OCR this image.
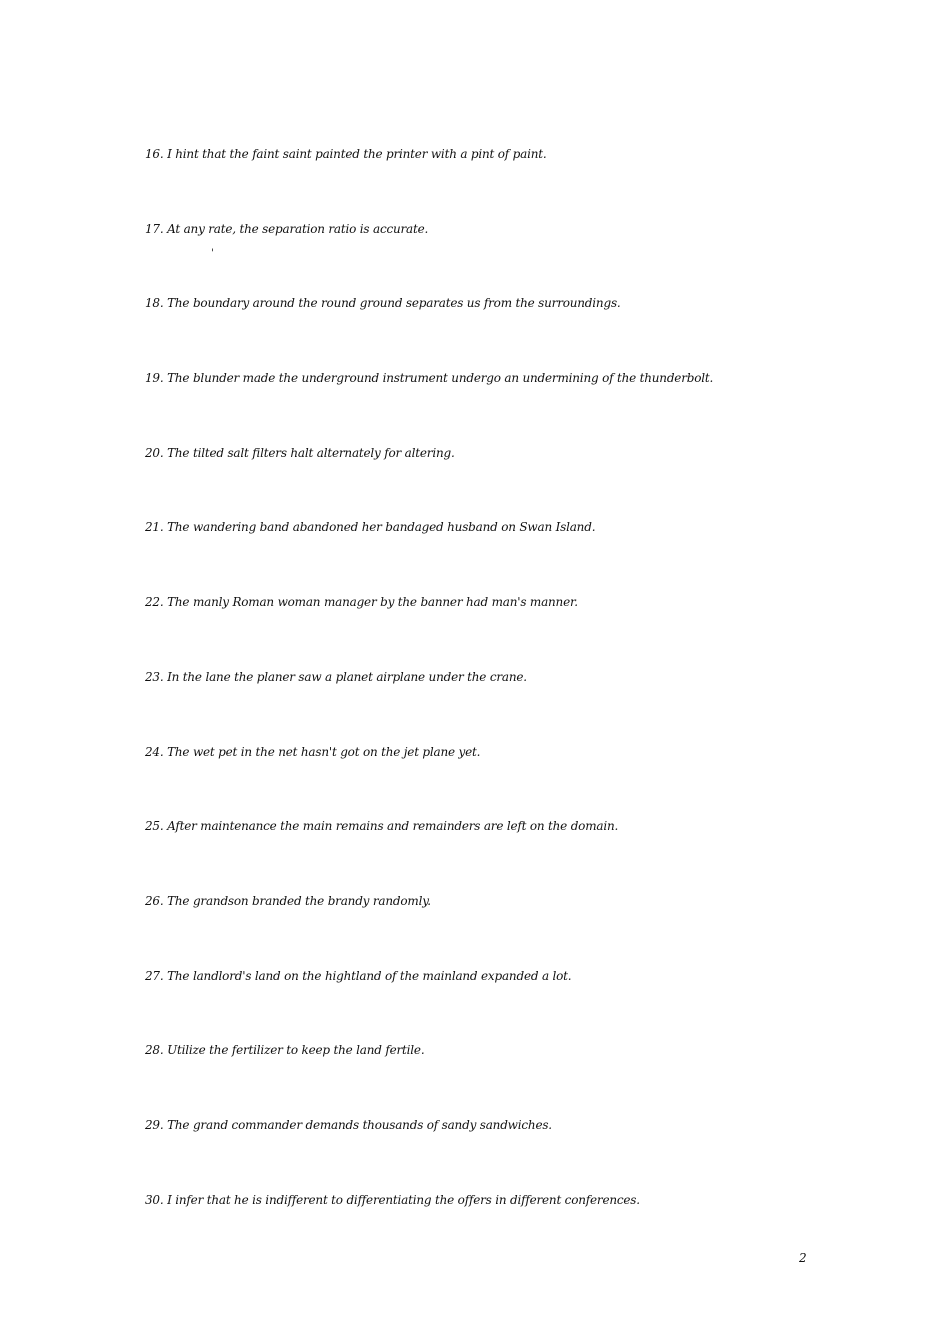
16. I hint that the faint saint painted the printer with a pint of paint.
17. At any rate, the separation ratio is accurate.
18. The boundary around the round ground separates us from the surroundings.
19. The blunder made the underground instrument undergo an undermining of the thunderbolt.
20. The tilted salt filters halt alternately for altering.
21. The wandering band abandoned her bandaged husband on Swan Island.
22. The manly Roman woman manager by the banner had man's manner.
23. In the lane the planer saw a planet airplane under the crane.
24. The wet pet in the net hasn't got on the jet plane yet.
25. After maintenance the main remains and remainders are left on the domain.
26. The grandson branded the brandy randomly.
27. The landlord's land on the hightland of the mainland expanded a lot.
28. Utilize the fertilizer to keep the land fertile.
29. The grand commander demands thousands of sandy sandwiches.
30. I infer that he is indifferent to differentiating the offers in different conferences.
'
2
